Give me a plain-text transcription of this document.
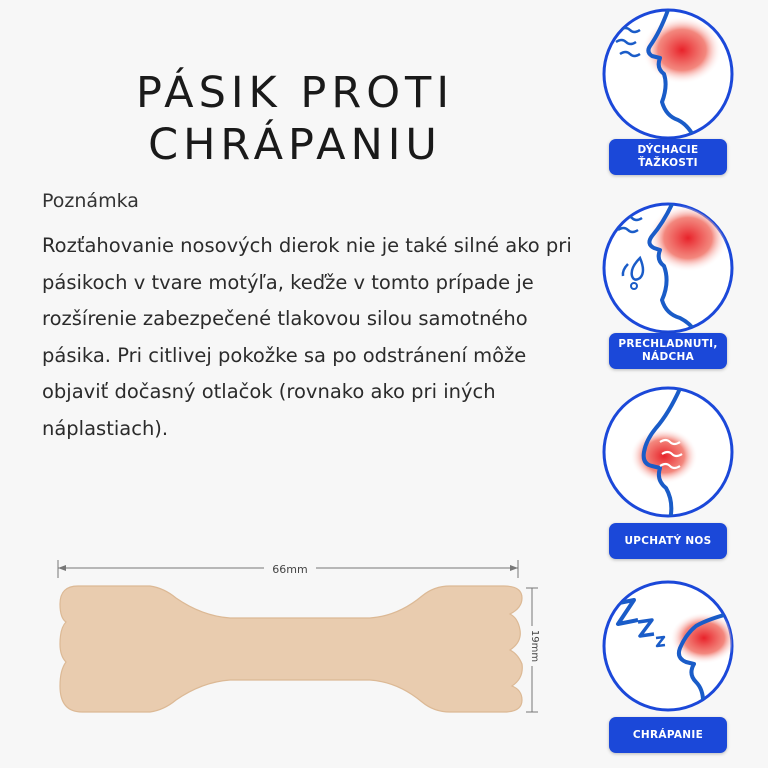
PÁSIK PROTI
CHRÁPANIU
Poznámka

Rozťahovanie nosových dierok nie je také silné ako pri pásikoch v tvare motýľa, keďže v tomto prípade je rozšírenie zabezpečené tlakovou silou samotného pásika. Pri citlivej pokožke sa po odstránení môže objaviť dočasný otlačok (rovnako ako pri iných náplastiach).

66mm
19mm
DÝCHACIE ŤAŽKOSTI
PRECHLADNUTI, NÁDCHA
UPCHATÝ NOS
CHRÁPANIE
